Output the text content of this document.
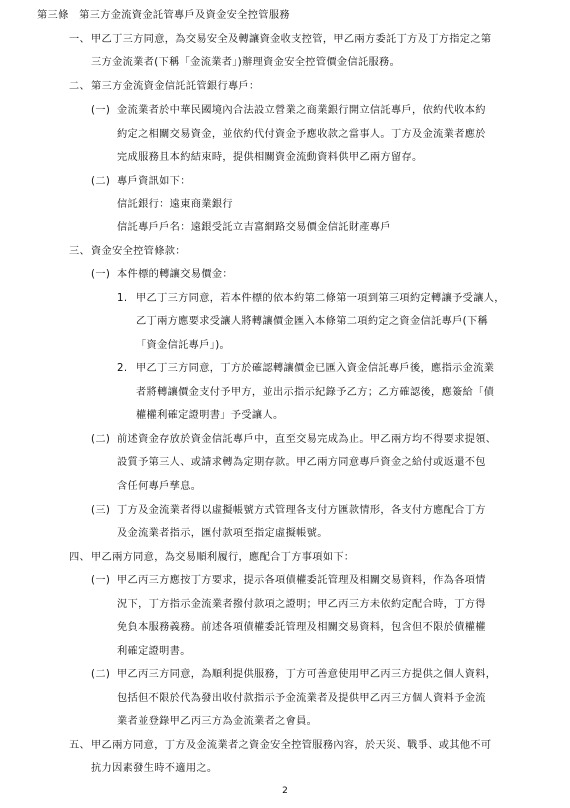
第三條　第三方金流資金託管專戶及資金安全控管服務
一、 甲乙丁三方同意，為交易安全及轉讓資金收支控管，甲乙兩方委託丁方及丁方指定之第
三方金流業者(下稱「金流業者」)辦理資金安全控管價金信託服務。
二、 第三方金流資金信託託管銀行專戶：
(一) 金流業者於中華民國境內合法設立營業之商業銀行開立信託專戶，依約代收本約
約定之相關交易資金，並依約代付資金予應收款之當事人。丁方及金流業者應於
完成服務且本約結束時，提供相關資金流動資料供甲乙兩方留存。
(二) 專戶資訊如下：
信託銀行：遠東商業銀行
信託專戶戶名：遠銀受託立吉富網路交易價金信託財產專戶
三、 資金安全控管條款：
(一) 本件標的轉讓交易價金：
1. 甲乙丁三方同意，若本件標的依本約第二條第一項到第三項約定轉讓予受讓人，
乙丁兩方應要求受讓人將轉讓價金匯入本條第二項約定之資金信託專戶(下稱
「資金信託專戶」)。
2. 甲乙丁三方同意，丁方於確認轉讓價金已匯入資金信託專戶後，應指示金流業
者將轉讓價金支付予甲方，並出示指示紀錄予乙方；乙方確認後，應簽給「債
權權利確定證明書」予受讓人。
(二) 前述資金存放於資金信託專戶中，直至交易完成為止。甲乙兩方均不得要求提領、
設質予第三人、或請求轉為定期存款。甲乙兩方同意專戶資金之給付或返還不包
含任何專戶孳息。
(三) 丁方及金流業者得以虛擬帳號方式管理各支付方匯款情形，各支付方應配合丁方
及金流業者指示，匯付款項至指定虛擬帳號。
四、 甲乙兩方同意，為交易順利履行，應配合丁方事項如下：
(一) 甲乙丙三方應按丁方要求，提示各項債權委託管理及相關交易資料，作為各項情
況下，丁方指示金流業者撥付款項之證明；甲乙丙三方未依約定配合時，丁方得
免負本服務義務。前述各項債權委託管理及相關交易資料，包含但不限於債權權
利確定證明書。
(二) 甲乙丙三方同意，為順利提供服務，丁方可善意使用甲乙丙三方提供之個人資料，
包括但不限於代為發出收付款指示予金流業者及提供甲乙丙三方個人資料予金流
業者並登錄甲乙丙三方為金流業者之會員。
五、 甲乙兩方同意，丁方及金流業者之資金安全控管服務內容，於天災、戰爭、或其他不可
抗力因素發生時不適用之。
2
